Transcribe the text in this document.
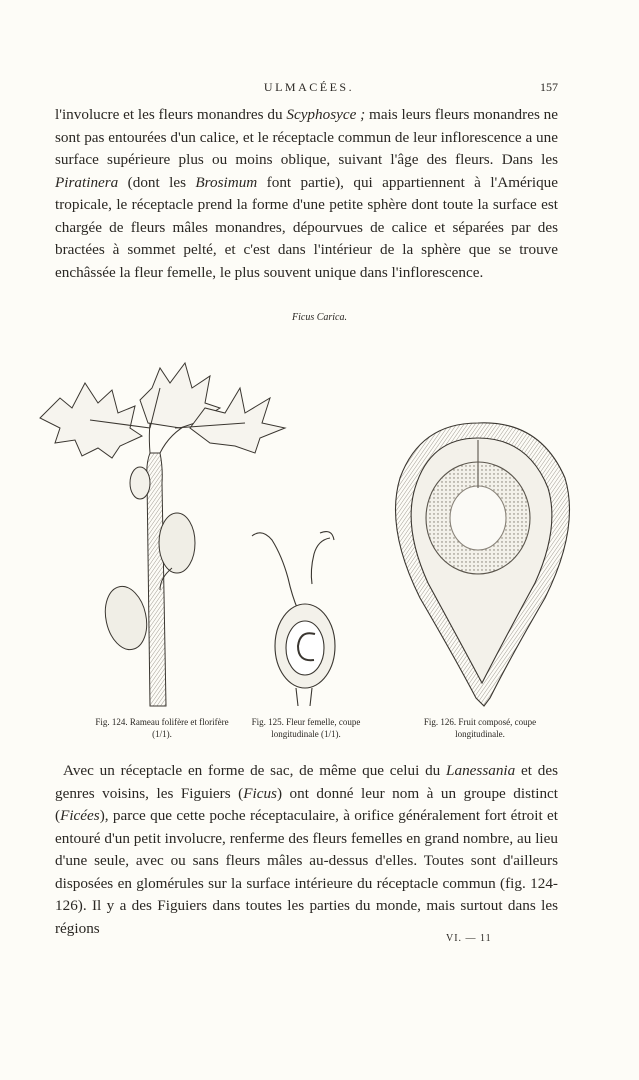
ULMACÉES.	157

l'involucre et les fleurs monandres du Scyphosyce ; mais leurs fleurs monandres ne sont pas entourées d'un calice, et le réceptacle commun de leur inflorescence a une surface supérieure plus ou moins oblique, suivant l'âge des fleurs. Dans les Piratinera (dont les Brosimum font partie), qui appartiennent à l'Amérique tropicale, le réceptacle prend la forme d'une petite sphère dont toute la surface est chargée de fleurs mâles monandres, dépourvues de calice et séparées par des bractées à sommet pelté, et c'est dans l'intérieur de la sphère que se trouve enchâssée la fleur femelle, le plus souvent unique dans l'inflorescence.

Ficus Carica.
Fig. 124. Rameau folifère et florifère (1/1).
Fig. 125. Fleur femelle, coupe longitudinale (1/1).
Fig. 126. Fruit composé, coupe longitudinale.

Avec un réceptacle en forme de sac, de même que celui du Lanessania et des genres voisins, les Figuiers (Ficus) ont donné leur nom à un groupe distinct (Ficées), parce que cette poche réceptaculaire, à orifice généralement fort étroit et entouré d'un petit involucre, renferme des fleurs femelles en grand nombre, au lieu d'une seule, avec ou sans fleurs mâles au-dessus d'elles. Toutes sont d'ailleurs disposées en glomérules sur la surface intérieure du réceptacle commun (fig. 124-126). Il y a des Figuiers dans toutes les parties du monde, mais surtout dans les régions

VI. — 11
